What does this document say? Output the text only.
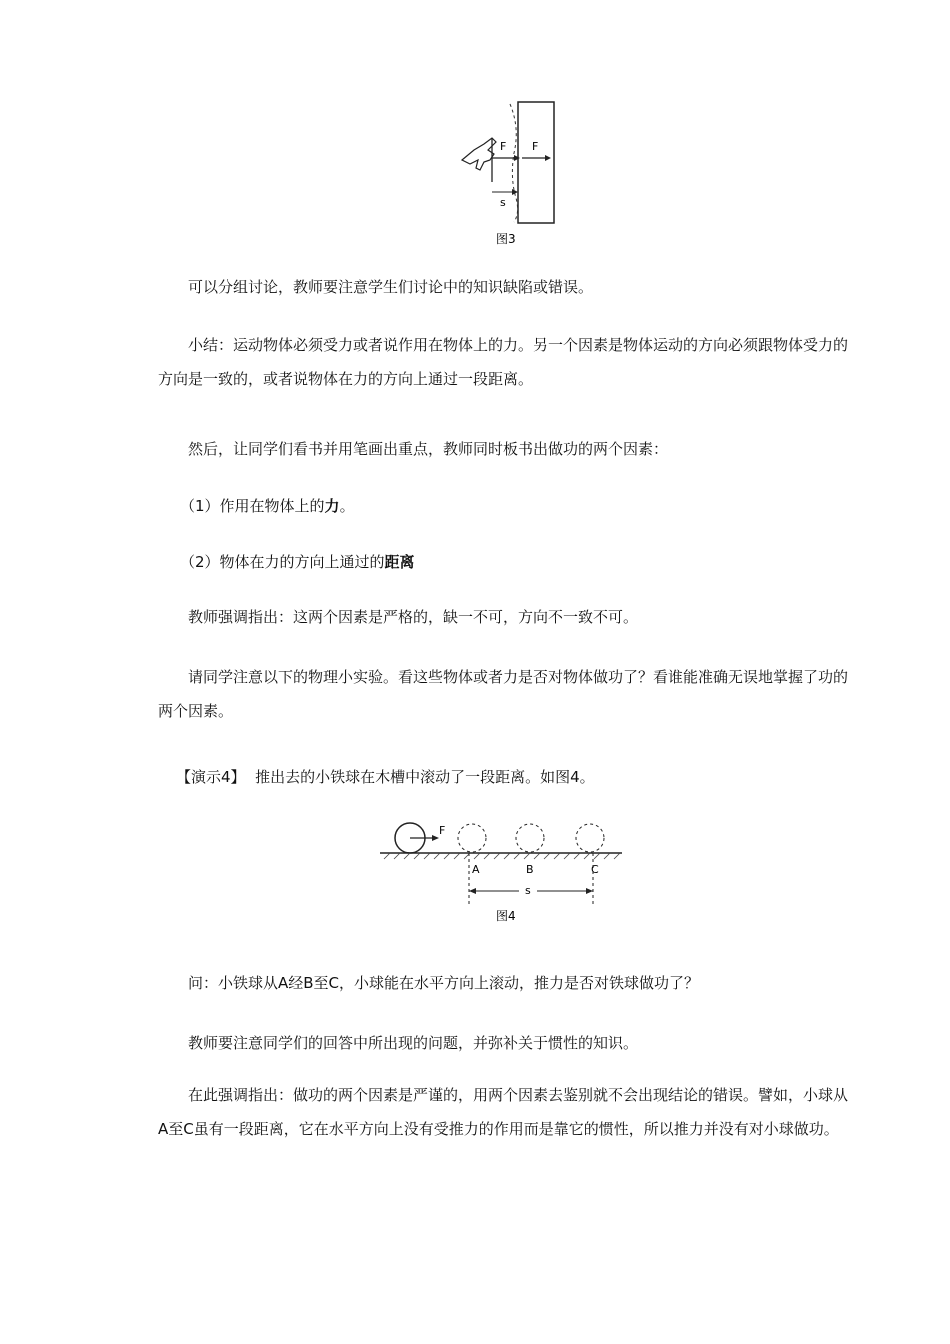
F F
s
图3

可以分组讨论，教师要注意学生们讨论中的知识缺陷或错误。

小结：运动物体必须受力或者说作用在物体上的力。另一个因素是物体运动的方向必须跟物体受力的方向是一致的，或者说物体在力的方向上通过一段距离。

然后，让同学们看书并用笔画出重点，教师同时板书出做功的两个因素：

（1）作用在物体上的力。

（2）物体在力的方向上通过的距离

教师强调指出：这两个因素是严格的，缺一不可，方向不一致不可。

请同学注意以下的物理小实验。看这些物体或者力是否对物体做功了？看谁能准确无误地掌握了功的两个因素。

【演示4】 推出去的小铁球在木槽中滚动了一段距离。如图4。

F
A	B	C
s
图4

问：小铁球从A经B至C，小球能在水平方向上滚动，推力是否对铁球做功了？

教师要注意同学们的回答中所出现的问题，并弥补关于惯性的知识。

在此强调指出：做功的两个因素是严谨的，用两个因素去鉴别就不会出现结论的错误。譬如，小球从A至C虽有一段距离，它在水平方向上没有受推力的作用而是靠它的惯性，所以推力并没有对小球做功。
